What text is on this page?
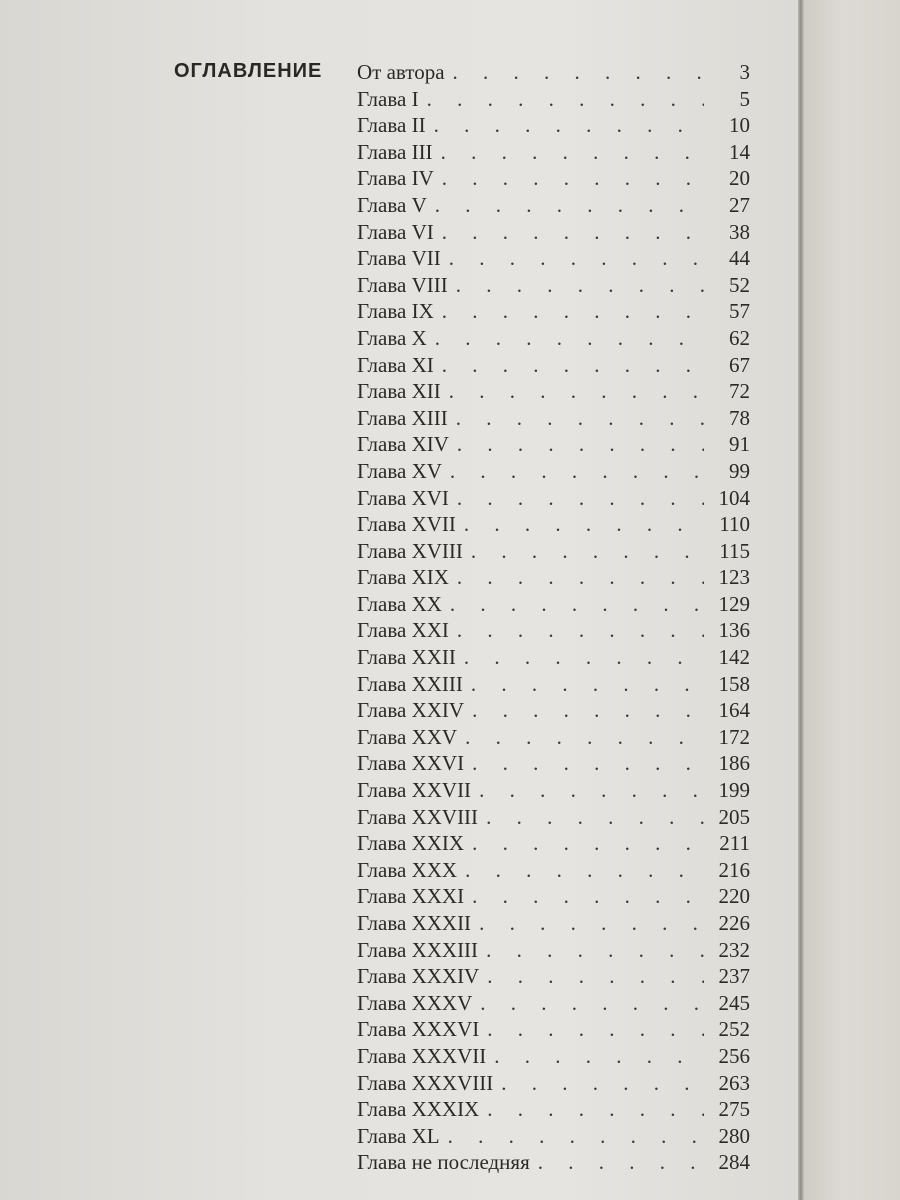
ОГЛАВЛЕНИЕ	От автора . . .	3
Глава I . . .	5
Глава II . . .	10
Глава III . . .	14
Глава IV . . .	20
Глава V . . .	27
Глава VI . . .	38
Глава VII . . .	44
Глава VIII . . .	52
Глава IX . . .	57
Глава X . . .	62
Глава XI . . .	67
Глава XII . . .	72
Глава XIII . . .	78
Глава XIV . . .	91
Глава XV . . .	99
Глава XVI . . .	104
Глава XVII . . .	110
Глава XVIII . . .	115
Глава XIX . . .	123
Глава XX . . .	129
Глава XXI . . .	136
Глава XXII . . .	142
Глава XXIII . . .	158
Глава XXIV . . .	164
Глава XXV . . .	172
Глава XXVI . . .	186
Глава XXVII . . .	199
Глава XXVIII . . .	205
Глава XXIX . . .	211
Глава XXX . . .	216
Глава XXXI . . .	220
Глава XXXII . . .	226
Глава XXXIII . . .	232
Глава XXXIV . . .	237
Глава XXXV . . .	245
Глава XXXVI . . .	252
Глава XXXVII . . .	256
Глава XXXVIII . . .	263
Глава XXXIX . . .	275
Глава XL . . .	280
Глава не последняя . . .	284
